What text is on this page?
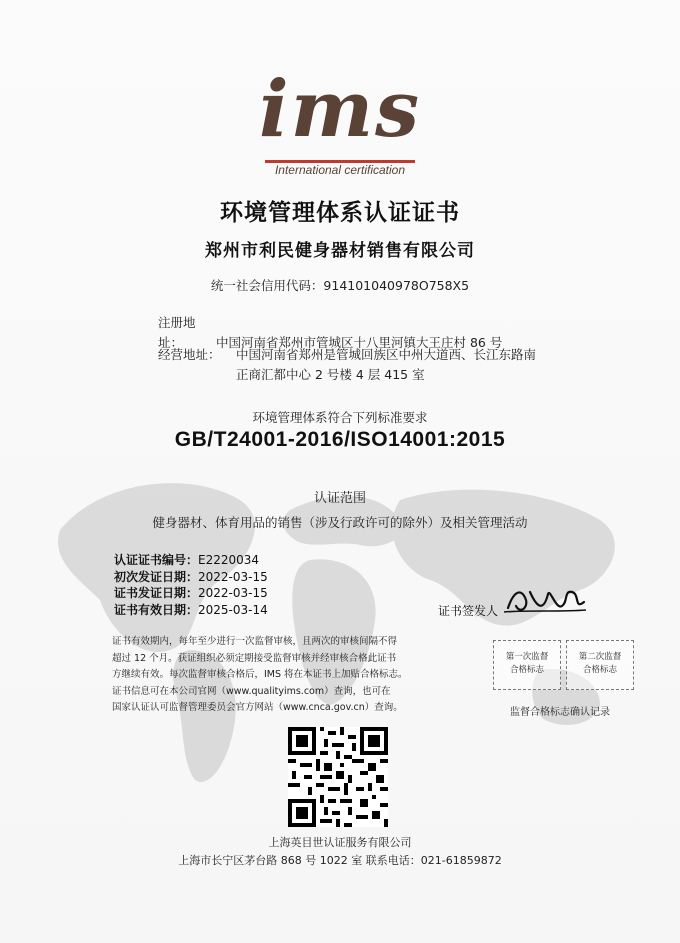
ims
International certification
环境管理体系认证证书
郑州市利民健身器材销售有限公司
统一社会信用代码：914101040978O758X5
注册地址：	中国河南省郑州市管城区十八里河镇大王庄村 86 号
经营地址： 中国河南省郑州是管城回族区中州大道西、长江东路南
正商汇都中心 2 号楼 4 层 415 室
环境管理体系符合下列标准要求
GB/T24001-2016/ISO14001:2015
认证范围
健身器材、体育用品的销售（涉及行政许可的除外）及相关管理活动
认证证书编号：E2220034
初次发证日期：2022-03-15
证书发证日期：2022-03-15
证书有效日期：2025-03-14	证书签发人
证书有效期内，每年至少进行一次监督审核，且两次的审核间隔不得
超过 12 个月。获证组织必须定期接受监督审核并经审核合格此证书
方继续有效。每次监督审核合格后，IMS 将在本证书上加贴合格标志。
证书信息可在本公司官网（www.qualityims.com）查询，也可在
国家认证认可监督管理委员会官方网站（www.cnca.gov.cn）查询。
第一次监督
合格标志
第二次监督
合格标志
监督合格标志确认记录
上海英目世认证服务有限公司
上海市长宁区茅台路 868 号 1022 室 联系电话：021-61859872
